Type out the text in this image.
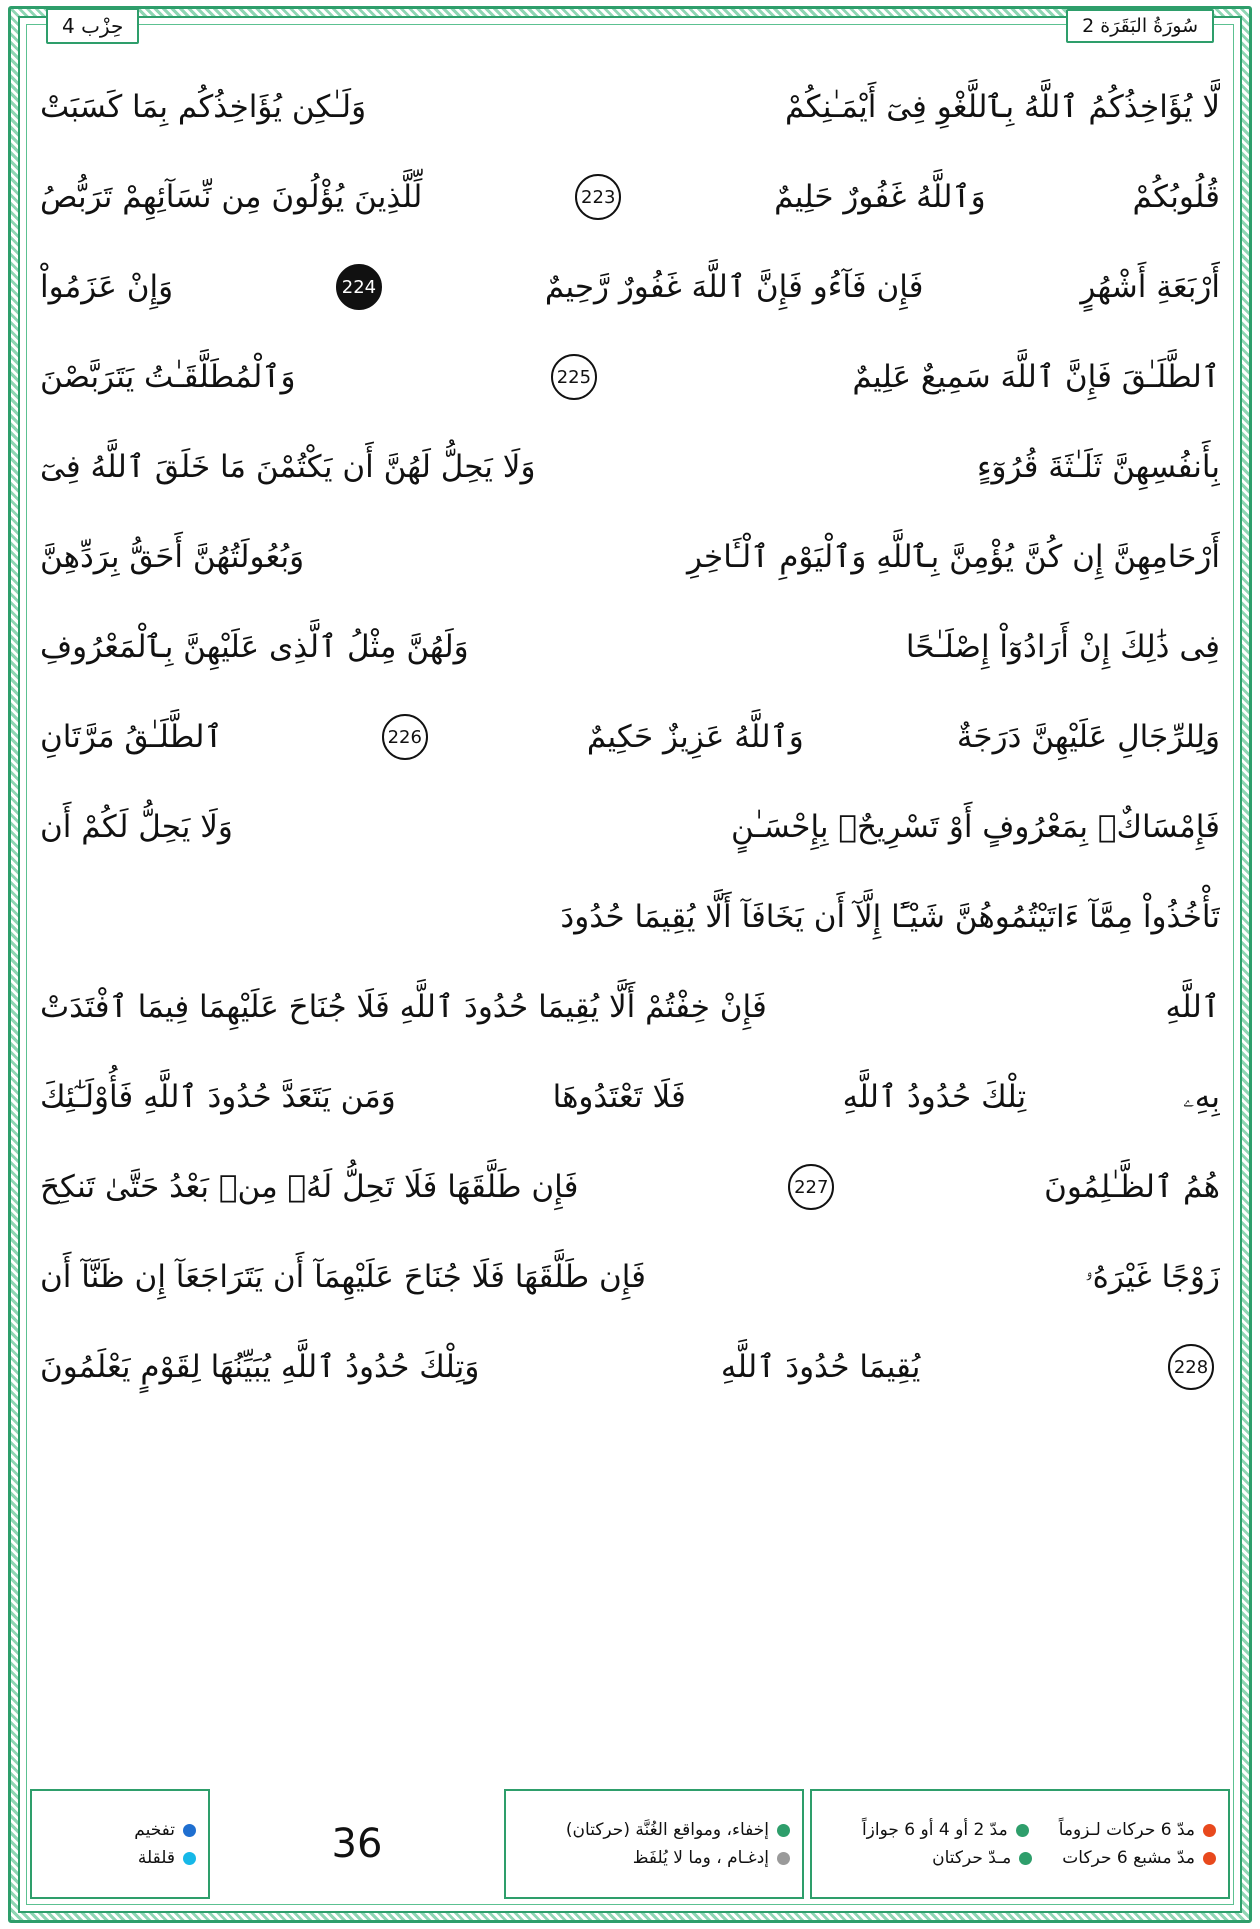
حِزْب 4	سُورَةُ البَقَرَة 2
لَّا يُؤَاخِذُكُمُ ٱللَّهُ بِٱللَّغْوِ فِىٓ أَيْمَـٰنِكُمْ
وَلَـٰكِن يُؤَاخِذُكُم بِمَا كَسَبَتْ
قُلُوبُكُمْ
وَٱللَّهُ غَفُورٌ حَلِيمٌ
223
لِّلَّذِينَ يُؤْلُونَ مِن نِّسَآئِهِمْ تَرَبُّصُ
أَرْبَعَةِ أَشْهُرٍ
فَإِن فَآءُو فَإِنَّ ٱللَّهَ غَفُورٌ رَّحِيمٌ
224
وَإِنْ عَزَمُواْ
ٱلطَّلَـٰقَ فَإِنَّ ٱللَّهَ سَمِيعٌ عَلِيمٌ
225
وَٱلْمُطَلَّقَـٰتُ يَتَرَبَّصْنَ
بِأَنفُسِهِنَّ ثَلَـٰثَةَ قُرُوٓءٍ
وَلَا يَحِلُّ لَهُنَّ أَن يَكْتُمْنَ مَا خَلَقَ ٱللَّهُ فِىٓ
أَرْحَامِهِنَّ إِن كُنَّ يُؤْمِنَّ بِٱللَّهِ وَٱلْيَوْمِ ٱلْـَٔاخِرِ
وَبُعُولَتُهُنَّ أَحَقُّ بِرَدِّهِنَّ
فِى ذَٰلِكَ إِنْ أَرَادُوٓاْ إِصْلَـٰحًا
وَلَهُنَّ مِثْلُ ٱلَّذِى عَلَيْهِنَّ بِٱلْمَعْرُوفِ
وَلِلرِّجَالِ عَلَيْهِنَّ دَرَجَةٌ
وَٱللَّهُ عَزِيزٌ حَكِيمٌ
226
ٱلطَّلَـٰقُ مَرَّتَانِ
فَإِمْسَاكٌۢ بِمَعْرُوفٍ أَوْ تَسْرِيحٌۢ بِإِحْسَـٰنٍ
وَلَا يَحِلُّ لَكُمْ أَن
تَأْخُذُواْ مِمَّآ ءَاتَيْتُمُوهُنَّ شَيْـًٔا إِلَّآ أَن يَخَافَآ أَلَّا يُقِيمَا حُدُودَ
ٱللَّهِ
فَإِنْ خِفْتُمْ أَلَّا يُقِيمَا حُدُودَ ٱللَّهِ فَلَا جُنَاحَ عَلَيْهِمَا فِيمَا ٱفْتَدَتْ
بِهِۦ
تِلْكَ حُدُودُ ٱللَّهِ
فَلَا تَعْتَدُوهَا
وَمَن يَتَعَدَّ حُدُودَ ٱللَّهِ فَأُوْلَـٰٓئِكَ
هُمُ ٱلظَّـٰلِمُونَ
227
فَإِن طَلَّقَهَا فَلَا تَحِلُّ لَهُۥ مِنۢ بَعْدُ حَتَّىٰ تَنكِحَ
زَوْجًا غَيْرَهُۥ
فَإِن طَلَّقَهَا فَلَا جُنَاحَ عَلَيْهِمَآ أَن يَتَرَاجَعَآ إِن ظَنَّآ أَن
228
يُقِيمَا حُدُودَ ٱللَّهِ
وَتِلْكَ حُدُودُ ٱللَّهِ يُبَيِّنُهَا لِقَوْمٍ يَعْلَمُونَ
مدّ 6 حركات لـزوماً
مدّ 2 أو 4 أو 6 جوازاً
مدّ مشبع 6 حركات
مـدّ حركتان
إخفاء، ومواقع الغُنَّة (حركتان)
إدغـام ، وما لا يُلفَظ
36
تفخيم
قلقلة
